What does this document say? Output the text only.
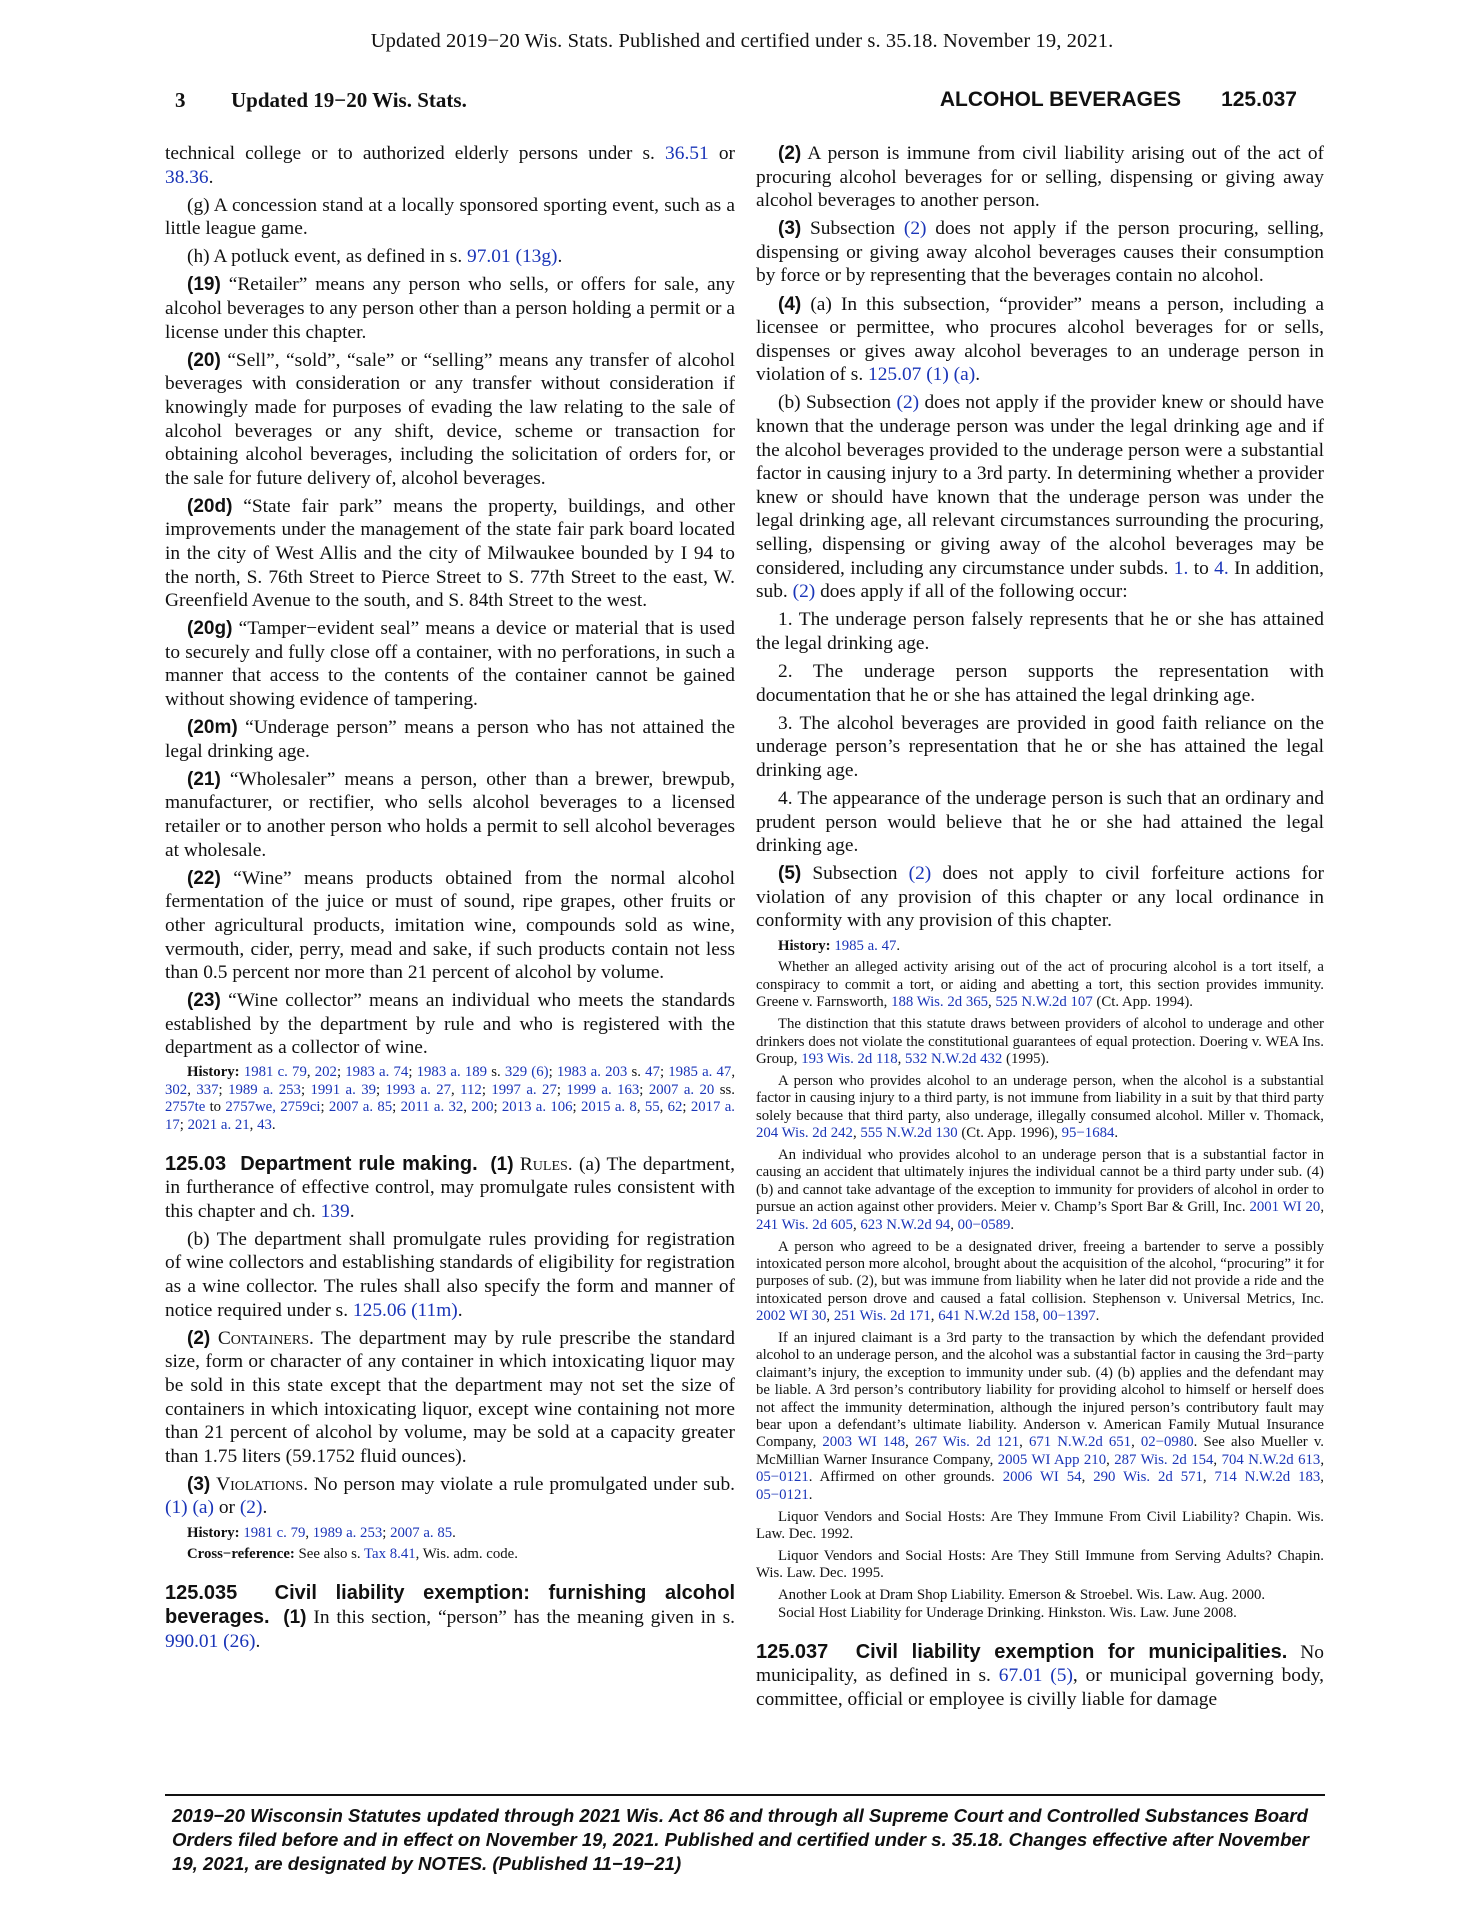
Updated 2019−20 Wis. Stats. Published and certified under s. 35.18. November 19, 2021.
3 Updated 19−20 Wis. Stats.	ALCOHOL BEVERAGES 125.037

technical college or to authorized elderly persons under s. 36.51 or 38.36.

(g) A concession stand at a locally sponsored sporting event, such as a little league game.

(h) A potluck event, as defined in s. 97.01 (13g).

(19) “Retailer” means any person who sells, or offers for sale, any alcohol beverages to any person other than a person holding a permit or a license under this chapter.

(20) “Sell”, “sold”, “sale” or “selling” means any transfer of alcohol beverages with consideration or any transfer without consideration if knowingly made for purposes of evading the law relating to the sale of alcohol beverages or any shift, device, scheme or transaction for obtaining alcohol beverages, including the solicitation of orders for, or the sale for future delivery of, alcohol beverages.

(20d) “State fair park” means the property, buildings, and other improvements under the management of the state fair park board located in the city of West Allis and the city of Milwaukee bounded by I 94 to the north, S. 76th Street to Pierce Street to S. 77th Street to the east, W. Greenfield Avenue to the south, and S. 84th Street to the west.

(20g) “Tamper−evident seal” means a device or material that is used to securely and fully close off a container, with no perforations, in such a manner that access to the contents of the container cannot be gained without showing evidence of tampering.

(20m) “Underage person” means a person who has not attained the legal drinking age.

(21) “Wholesaler” means a person, other than a brewer, brewpub, manufacturer, or rectifier, who sells alcohol beverages to a licensed retailer or to another person who holds a permit to sell alcohol beverages at wholesale.

(22) “Wine” means products obtained from the normal alcohol fermentation of the juice or must of sound, ripe grapes, other fruits or other agricultural products, imitation wine, compounds sold as wine, vermouth, cider, perry, mead and sake, if such products contain not less than 0.5 percent nor more than 21 percent of alcohol by volume.

(23) “Wine collector” means an individual who meets the standards established by the department by rule and who is registered with the department as a collector of wine.

History: 1981 c. 79, 202; 1983 a. 74; 1983 a. 189 s. 329 (6); 1983 a. 203 s. 47; 1985 a. 47, 302, 337; 1989 a. 253; 1991 a. 39; 1993 a. 27, 112; 1997 a. 27; 1999 a. 163; 2007 a. 20 ss. 2757te to 2757we, 2759ci; 2007 a. 85; 2011 a. 32, 200; 2013 a. 106; 2015 a. 8, 55, 62; 2017 a. 17; 2021 a. 21, 43.

125.03 Department rule making. (1) Rules. (a) The department, in furtherance of effective control, may promulgate rules consistent with this chapter and ch. 139.

(b) The department shall promulgate rules providing for registration of wine collectors and establishing standards of eligibility for registration as a wine collector. The rules shall also specify the form and manner of notice required under s. 125.06 (11m).

(2) Containers. The department may by rule prescribe the standard size, form or character of any container in which intoxicating liquor may be sold in this state except that the department may not set the size of containers in which intoxicating liquor, except wine containing not more than 21 percent of alcohol by volume, may be sold at a capacity greater than 1.75 liters (59.1752 fluid ounces).

(3) Violations. No person may violate a rule promulgated under sub. (1) (a) or (2).

History: 1981 c. 79, 1989 a. 253; 2007 a. 85.

Cross−reference: See also s. Tax 8.41, Wis. adm. code.

125.035 Civil liability exemption: furnishing alcohol beverages. (1) In this section, “person” has the meaning given in s. 990.01 (26).

(2) A person is immune from civil liability arising out of the act of procuring alcohol beverages for or selling, dispensing or giving away alcohol beverages to another person.

(3) Subsection (2) does not apply if the person procuring, selling, dispensing or giving away alcohol beverages causes their consumption by force or by representing that the beverages contain no alcohol.

(4) (a) In this subsection, “provider” means a person, including a licensee or permittee, who procures alcohol beverages for or sells, dispenses or gives away alcohol beverages to an underage person in violation of s. 125.07 (1) (a).

(b) Subsection (2) does not apply if the provider knew or should have known that the underage person was under the legal drinking age and if the alcohol beverages provided to the underage person were a substantial factor in causing injury to a 3rd party. In determining whether a provider knew or should have known that the underage person was under the legal drinking age, all relevant circumstances surrounding the procuring, selling, dispensing or giving away of the alcohol beverages may be considered, including any circumstance under subds. 1. to 4. In addition, sub. (2) does apply if all of the following occur:

1. The underage person falsely represents that he or she has attained the legal drinking age.

2. The underage person supports the representation with documentation that he or she has attained the legal drinking age.

3. The alcohol beverages are provided in good faith reliance on the underage person’s representation that he or she has attained the legal drinking age.

4. The appearance of the underage person is such that an ordinary and prudent person would believe that he or she had attained the legal drinking age.

(5) Subsection (2) does not apply to civil forfeiture actions for violation of any provision of this chapter or any local ordinance in conformity with any provision of this chapter.

History: 1985 a. 47.

Whether an alleged activity arising out of the act of procuring alcohol is a tort itself, a conspiracy to commit a tort, or aiding and abetting a tort, this section provides immunity. Greene v. Farnsworth, 188 Wis. 2d 365, 525 N.W.2d 107 (Ct. App. 1994).

The distinction that this statute draws between providers of alcohol to underage and other drinkers does not violate the constitutional guarantees of equal protection. Doering v. WEA Ins. Group, 193 Wis. 2d 118, 532 N.W.2d 432 (1995).

A person who provides alcohol to an underage person, when the alcohol is a substantial factor in causing injury to a third party, is not immune from liability in a suit by that third party solely because that third party, also underage, illegally consumed alcohol. Miller v. Thomack, 204 Wis. 2d 242, 555 N.W.2d 130 (Ct. App. 1996), 95−1684.

An individual who provides alcohol to an underage person that is a substantial factor in causing an accident that ultimately injures the individual cannot be a third party under sub. (4) (b) and cannot take advantage of the exception to immunity for providers of alcohol in order to pursue an action against other providers. Meier v. Champ’s Sport Bar & Grill, Inc. 2001 WI 20, 241 Wis. 2d 605, 623 N.W.2d 94, 00−0589.

A person who agreed to be a designated driver, freeing a bartender to serve a possibly intoxicated person more alcohol, brought about the acquisition of the alcohol, “procuring” it for purposes of sub. (2), but was immune from liability when he later did not provide a ride and the intoxicated person drove and caused a fatal collision. Stephenson v. Universal Metrics, Inc. 2002 WI 30, 251 Wis. 2d 171, 641 N.W.2d 158, 00−1397.

If an injured claimant is a 3rd party to the transaction by which the defendant provided alcohol to an underage person, and the alcohol was a substantial factor in causing the 3rd−party claimant’s injury, the exception to immunity under sub. (4) (b) applies and the defendant may be liable. A 3rd person’s contributory liability for providing alcohol to himself or herself does not affect the immunity determination, although the injured person’s contributory fault may bear upon a defendant’s ultimate liability. Anderson v. American Family Mutual Insurance Company, 2003 WI 148, 267 Wis. 2d 121, 671 N.W.2d 651, 02−0980. See also Mueller v. McMillian Warner Insurance Company, 2005 WI App 210, 287 Wis. 2d 154, 704 N.W.2d 613, 05−0121. Affirmed on other grounds. 2006 WI 54, 290 Wis. 2d 571, 714 N.W.2d 183, 05−0121.

Liquor Vendors and Social Hosts: Are They Immune From Civil Liability? Chapin. Wis. Law. Dec. 1992.

Liquor Vendors and Social Hosts: Are They Still Immune from Serving Adults? Chapin. Wis. Law. Dec. 1995.

Another Look at Dram Shop Liability. Emerson & Stroebel. Wis. Law. Aug. 2000.

Social Host Liability for Underage Drinking. Hinkston. Wis. Law. June 2008.

125.037 Civil liability exemption for municipalities. No municipality, as defined in s. 67.01 (5), or municipal governing body, committee, official or employee is civilly liable for damage

2019−20 Wisconsin Statutes updated through 2021 Wis. Act 86 and through all Supreme Court and Controlled Substances Board Orders filed before and in effect on November 19, 2021. Published and certified under s. 35.18. Changes effective after November 19, 2021, are designated by NOTES. (Published 11−19−21)
